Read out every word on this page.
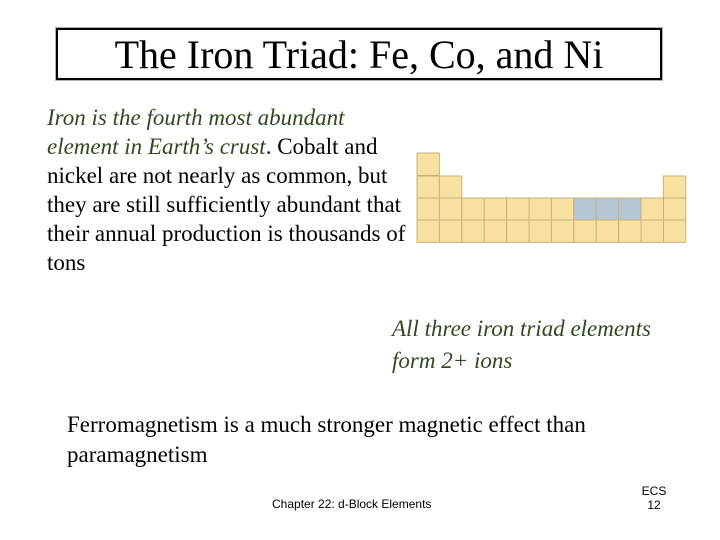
The Iron Triad: Fe, Co, and Ni
Iron is the fourth most abundant element in Earth’s crust. Cobalt and nickel are not nearly as common, but they are still sufficiently abundant that their annual production is thousands of tons
All three iron triad elements form 2+ ions
Ferromagnetism is a much stronger magnetic effect than paramagnetism
Chapter 22: d-Block Elements
ECS
12
